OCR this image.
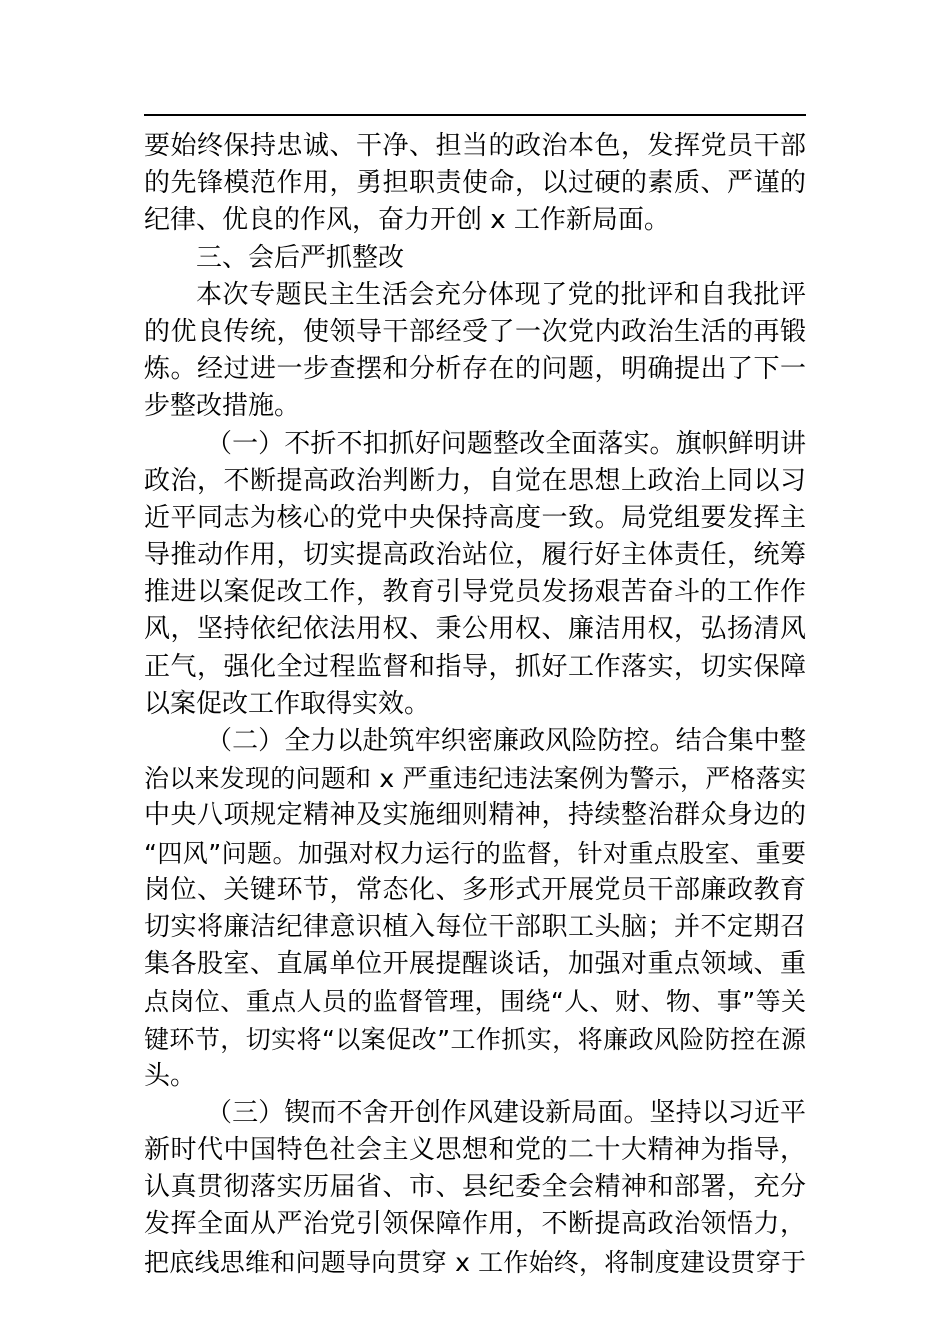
要始终保持忠诚、干净、担当的政治本色，发挥党员干部
的先锋模范作用，勇担职责使命，以过硬的素质、严谨的
纪律、优良的作风，奋力开创 x 工作新局面。
三、会后严抓整改
本次专题民主生活会充分体现了党的批评和自我批评
的优良传统，使领导干部经受了一次党内政治生活的再锻
炼。经过进一步查摆和分析存在的问题，明确提出了下一
步整改措施。
（一）不折不扣抓好问题整改全面落实。旗帜鲜明讲
政治，不断提高政治判断力，自觉在思想上政治上同以习
近平同志为核心的党中央保持高度一致。局党组要发挥主
导推动作用，切实提高政治站位，履行好主体责任，统筹
推进以案促改工作，教育引导党员发扬艰苦奋斗的工作作
风，坚持依纪依法用权、秉公用权、廉洁用权，弘扬清风
正气，强化全过程监督和指导，抓好工作落实，切实保障
以案促改工作取得实效。
（二）全力以赴筑牢织密廉政风险防控。结合集中整
治以来发现的问题和 x 严重违纪违法案例为警示，严格落实
中央八项规定精神及实施细则精神，持续整治群众身边的
“四风”问题。加强对权力运行的监督，针对重点股室、重要
岗位、关键环节，常态化、多形式开展党员干部廉政教育
切实将廉洁纪律意识植入每位干部职工头脑；并不定期召
集各股室、直属单位开展提醒谈话，加强对重点领域、重
点岗位、重点人员的监督管理，围绕“人、财、物、事”等关
键环节，切实将“以案促改”工作抓实，将廉政风险防控在源
头。
（三）锲而不舍开创作风建设新局面。坚持以习近平
新时代中国特色社会主义思想和党的二十大精神为指导，
认真贯彻落实历届省、市、县纪委全会精神和部署，充分
发挥全面从严治党引领保障作用，不断提高政治领悟力，
把底线思维和问题导向贯穿 x 工作始终，将制度建设贯穿于
